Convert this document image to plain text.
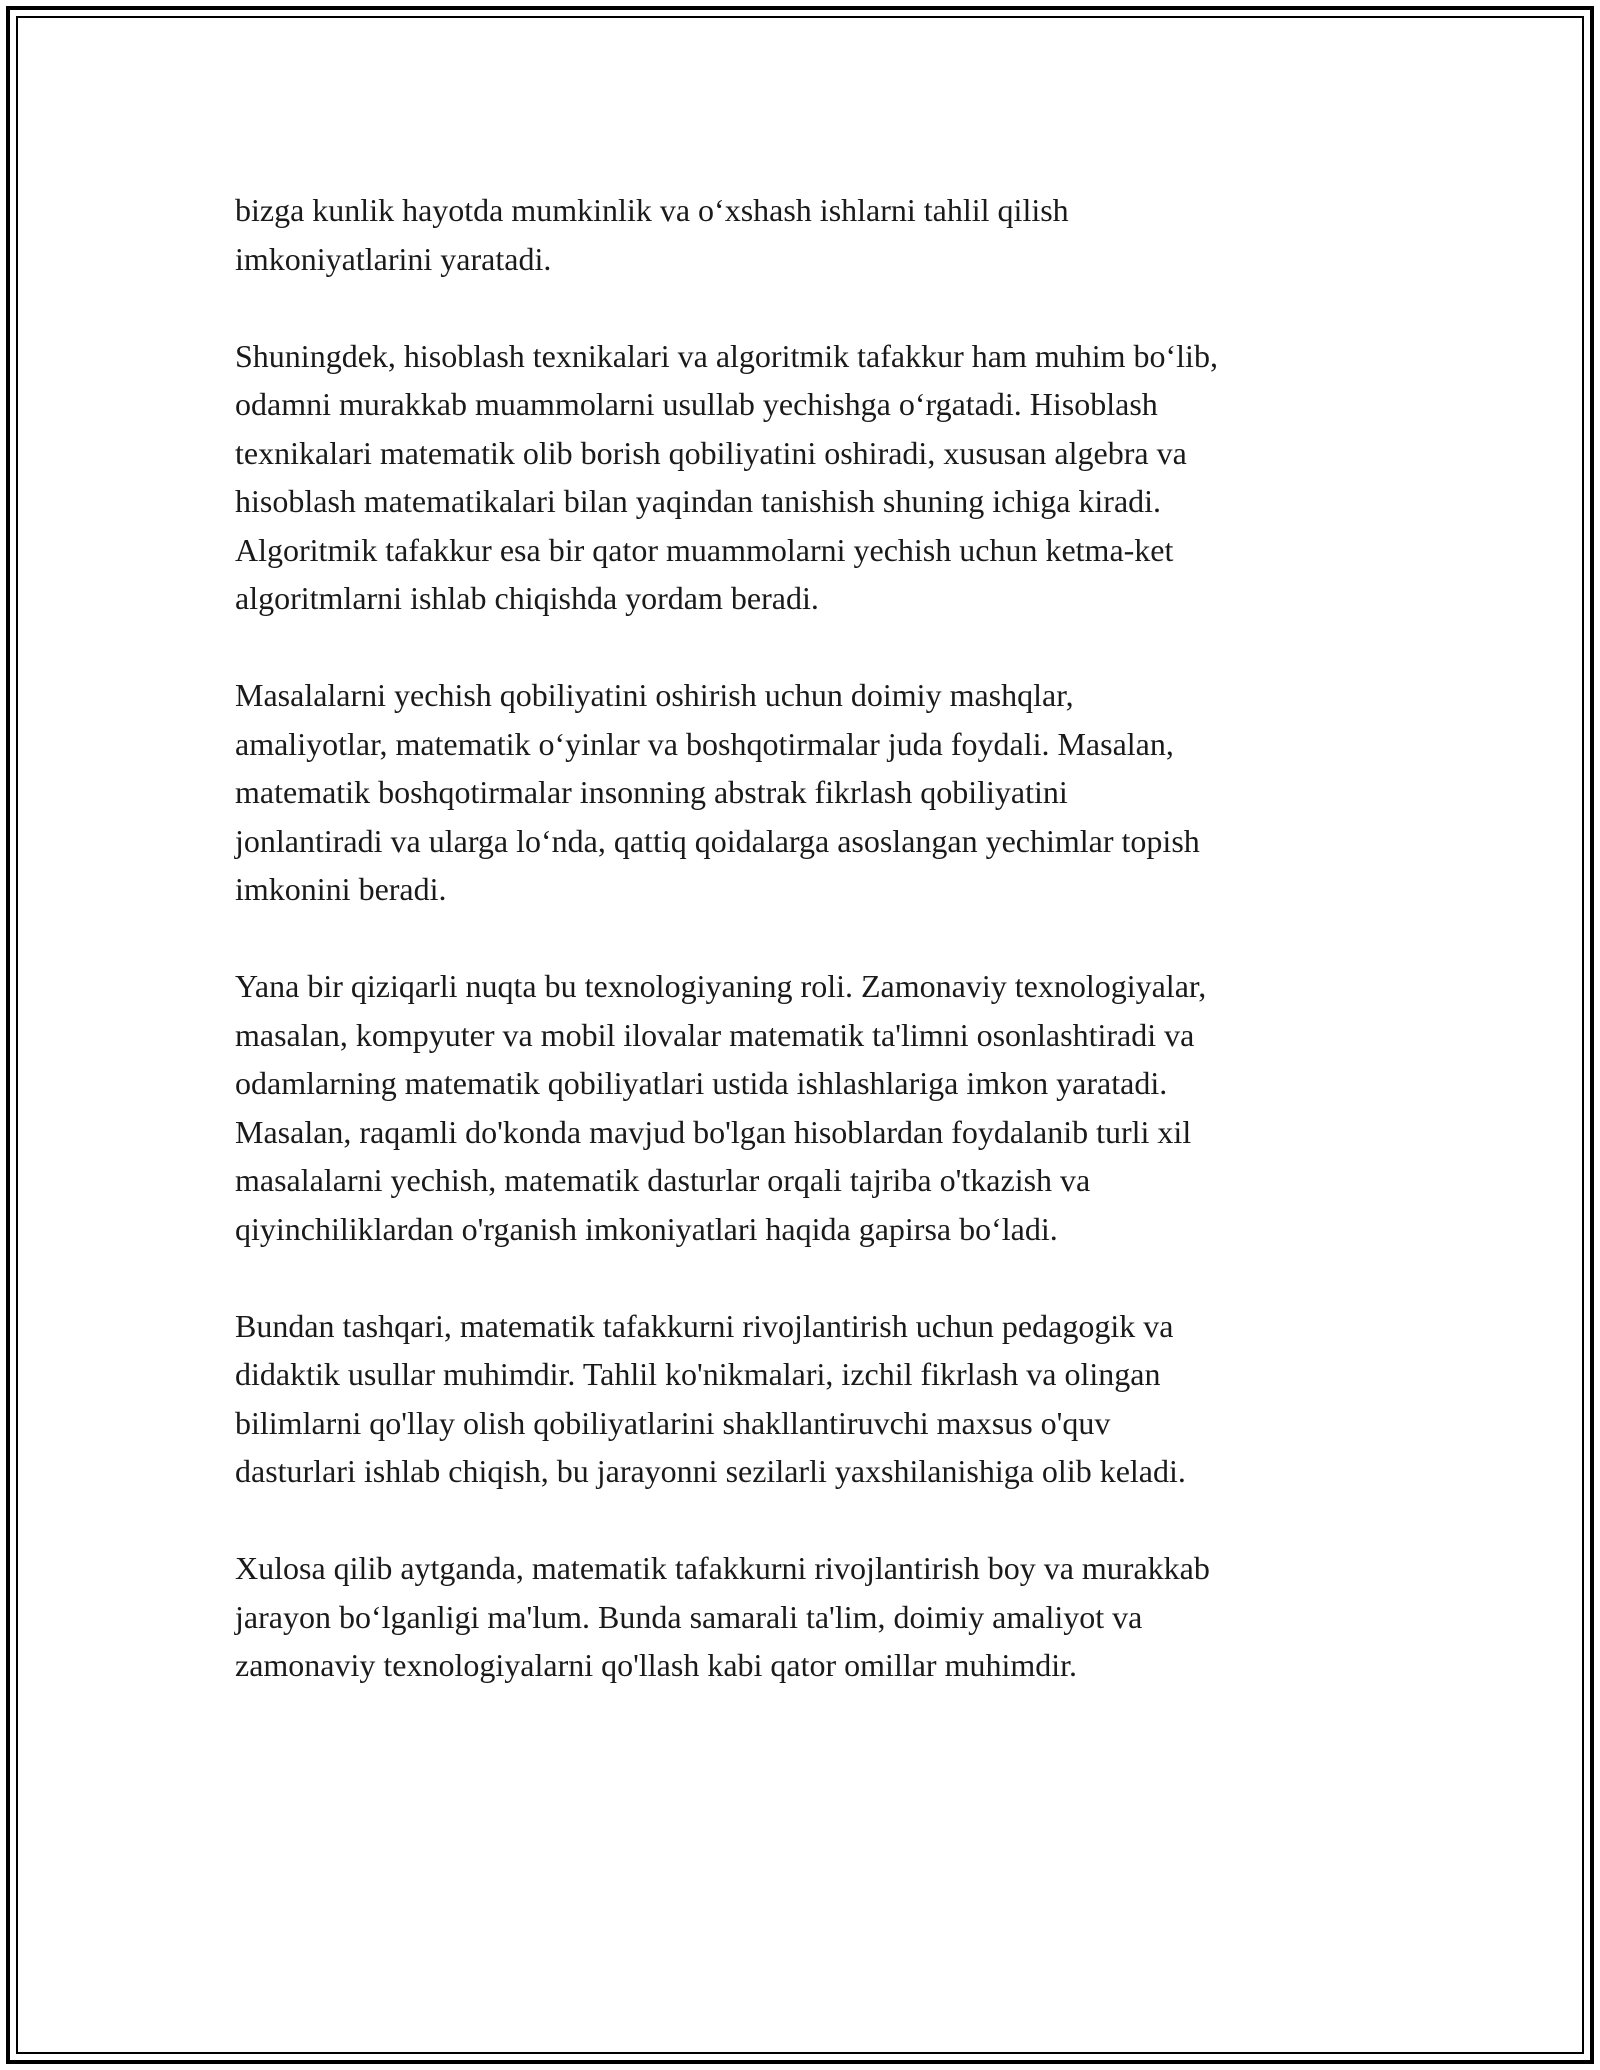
bizga kunlik hayotda mumkinlik va o‘xshash ishlarni tahlil qilish
imkoniyatlarini yaratadi.

Shuningdek, hisoblash texnikalari va algoritmik tafakkur ham muhim bo‘lib,
odamni murakkab muammolarni usullab yechishga o‘rgatadi. Hisoblash
texnikalari matematik olib borish qobiliyatini oshiradi, xususan algebra va
hisoblash matematikalari bilan yaqindan tanishish shuning ichiga kiradi.
Algoritmik tafakkur esa bir qator muammolarni yechish uchun ketma-ket
algoritmlarni ishlab chiqishda yordam beradi.

Masalalarni yechish qobiliyatini oshirish uchun doimiy mashqlar,
amaliyotlar, matematik o‘yinlar va boshqotirmalar juda foydali. Masalan,
matematik boshqotirmalar insonning abstrak fikrlash qobiliyatini
jonlantiradi va ularga lo‘nda, qattiq qoidalarga asoslangan yechimlar topish
imkonini beradi.

Yana bir qiziqarli nuqta bu texnologiyaning roli. Zamonaviy texnologiyalar,
masalan, kompyuter va mobil ilovalar matematik ta'limni osonlashtiradi va
odamlarning matematik qobiliyatlari ustida ishlashlariga imkon yaratadi.
Masalan, raqamli do'konda mavjud bo'lgan hisoblardan foydalanib turli xil
masalalarni yechish, matematik dasturlar orqali tajriba o'tkazish va
qiyinchiliklardan o'rganish imkoniyatlari haqida gapirsa bo‘ladi.

Bundan tashqari, matematik tafakkurni rivojlantirish uchun pedagogik va
didaktik usullar muhimdir. Tahlil ko'nikmalari, izchil fikrlash va olingan
bilimlarni qo'llay olish qobiliyatlarini shakllantiruvchi maxsus o'quv
dasturlari ishlab chiqish, bu jarayonni sezilarli yaxshilanishiga olib keladi.

Xulosa qilib aytganda, matematik tafakkurni rivojlantirish boy va murakkab
jarayon bo‘lganligi ma'lum. Bunda samarali ta'lim, doimiy amaliyot va
zamonaviy texnologiyalarni qo'llash kabi qator omillar muhimdir.
